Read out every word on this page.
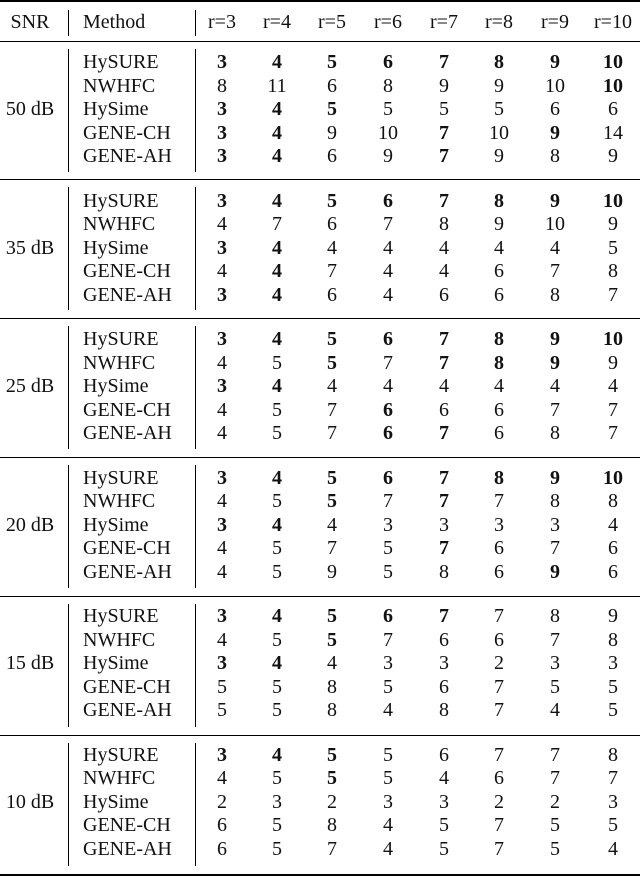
SNR Method	r=3 r=4 r=5 r=6 r=7 r=8 r=9 r=10
50 dB
HySURE	3 4 5 6 7 8 9 10
NWHFC	8 11 6 8 9 9 10 10
HySime	3 4 5 5 5 5 6 6
GENE-CH 3 4 9 10 7 10 9 14
GENE-AH 3 4 6 9 7 9 8 9
35 dB
HySURE	3 4 5 6 7 8 9 10
NWHFC	4 7 6 7 8 9 10 9
HySime	3 4 4 4 4 4 4 5
GENE-CH 4 4 7 4 4 6 7 8
GENE-AH 3 4 6 4 6 6 8 7
25 dB
HySURE	3 4 5 6 7 8 9 10
NWHFC	4 5 5 7 7 8 9 9
HySime	3 4 4 4 4 4 4 4
GENE-CH 4 5 7 6 6 6 7 7
GENE-AH 4 5 7 6 7 6 8 7
20 dB
HySURE	3 4 5 6 7 8 9 10
NWHFC	4 5 5 7 7 7 8 8
HySime	3 4 4 3 3 3 3 4
GENE-CH 4 5 7 5 7 6 7 6
GENE-AH 4 5 9 5 8 6 9 6
15 dB
HySURE	3 4 5 6 7 7 8 9
NWHFC	4 5 5 7 6 6 7 8
HySime	3 4 4 3 3 2 3 3
GENE-CH 5 5 8 5 6 7 5 5
GENE-AH 5 5 8 4 8 7 4 5
10 dB
HySURE	3 4 5 5 6 7 7 8
NWHFC	4 5 5 5 4 6 7 7
HySime	2 3 2 3 3 2 2 3
GENE-CH 6 5 8 4 5 7 5 5
GENE-AH 6 5 7 4 5 7 5 4
